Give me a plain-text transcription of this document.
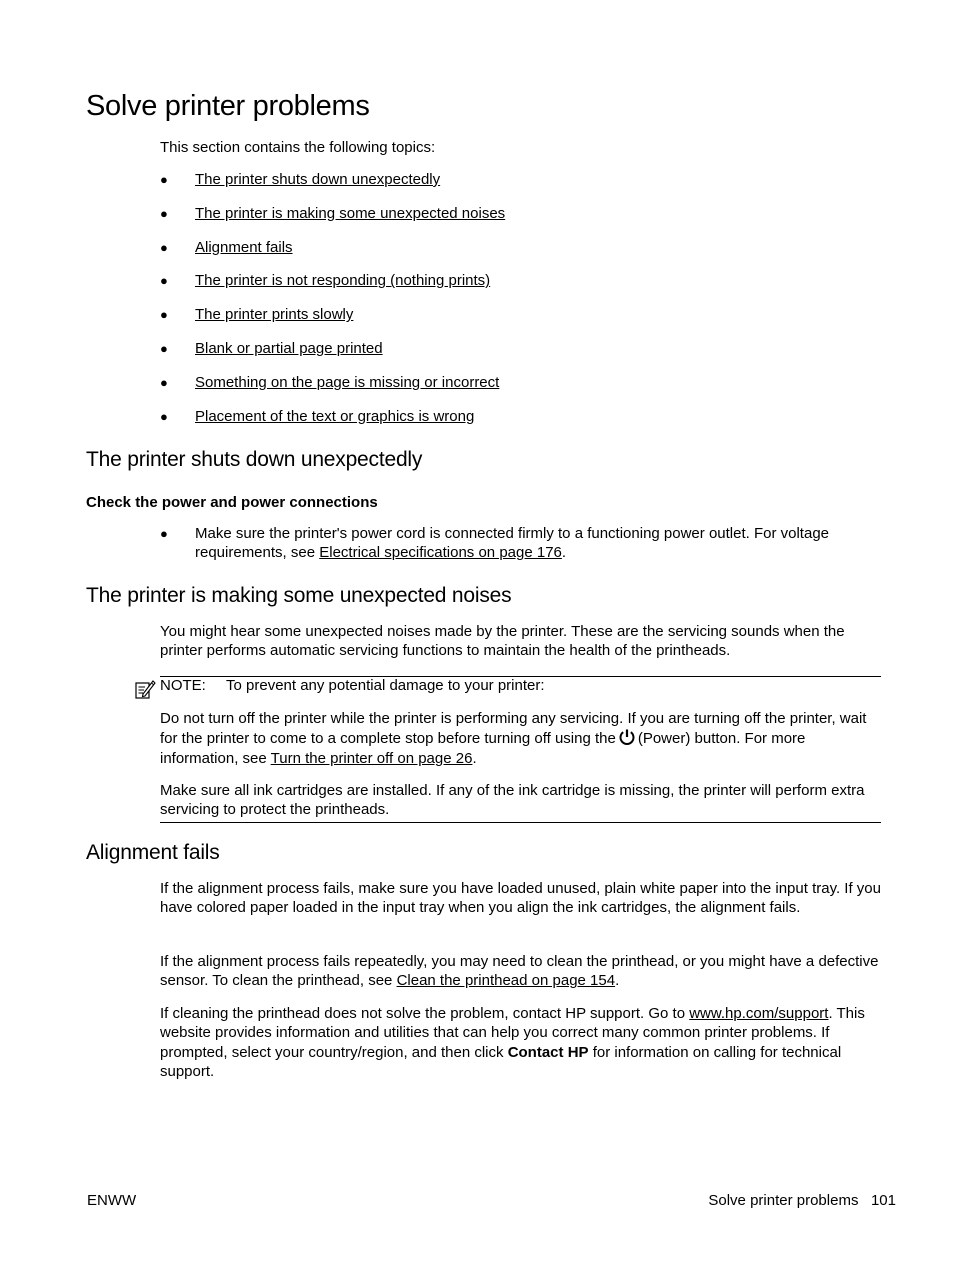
Solve printer problems

This section contains the following topics:

● The printer shuts down unexpectedly
● The printer is making some unexpected noises
● Alignment fails
● The printer is not responding (nothing prints)
● The printer prints slowly
● Blank or partial page printed
● Something on the page is missing or incorrect
● Placement of the text or graphics is wrong
The printer shuts down unexpectedly
Check the power and power connections
● Make sure the printer's power cord is connected firmly to a functioning power outlet. For voltage requirements, see Electrical specifications on page 176.
The printer is making some unexpected noises

You might hear some unexpected noises made by the printer. These are the servicing sounds when the printer performs automatic servicing functions to maintain the health of the printheads.

NOTE: To prevent any potential damage to your printer:

Do not turn off the printer while the printer is performing any servicing. If you are turning off the printer, wait for the printer to come to a complete stop before turning off using the (Power) button. For more information, see Turn the printer off on page 26.

Make sure all ink cartridges are installed. If any of the ink cartridge is missing, the printer will perform extra servicing to protect the printheads.

Alignment fails

If the alignment process fails, make sure you have loaded unused, plain white paper into the input tray. If you have colored paper loaded in the input tray when you align the ink cartridges, the alignment fails.

If the alignment process fails repeatedly, you may need to clean the printhead, or you might have a defective sensor. To clean the printhead, see Clean the printhead on page 154.

If cleaning the printhead does not solve the problem, contact HP support. Go to www.hp.com/support. This website provides information and utilities that can help you correct many common printer problems. If prompted, select your country/region, and then click Contact HP for information on calling for technical support.

ENWW	Solve printer problems 101
